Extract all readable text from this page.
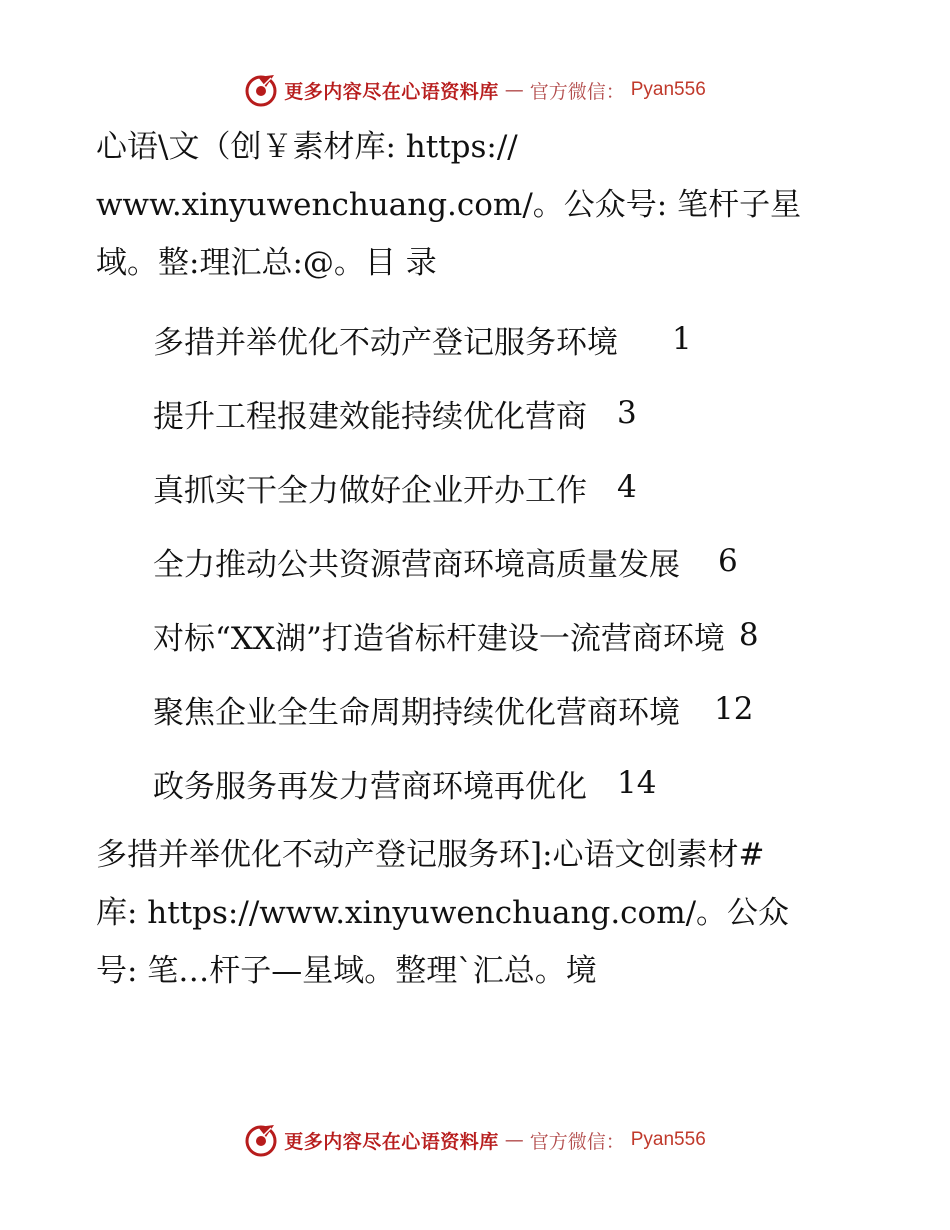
更多内容尽在心语资料库 — 官方微信： Pyan556

心语\文（创￥素材库: https://
www.xinyuwenchuang.com/。公众号: 笔杆子星
域。整:理汇总:@。目 录

多措并举优化不动产登记服务环境 1
提升工程报建效能持续优化营商 3
真抓实干全力做好企业开办工作 4
全力推动公共资源营商环境高质量发展 6
对标“XX湖”打造省标杆建设一流营商环境 8
聚焦企业全生命周期持续优化营商环境 12
政务服务再发力营商环境再优化 14

多措并举优化不动产登记服务环]:心语文创素材#
库: https://www.xinyuwenchuang.com/。公众
号: 笔…杆子—星域。整理`汇总。境

更多内容尽在心语资料库 — 官方微信： Pyan556
